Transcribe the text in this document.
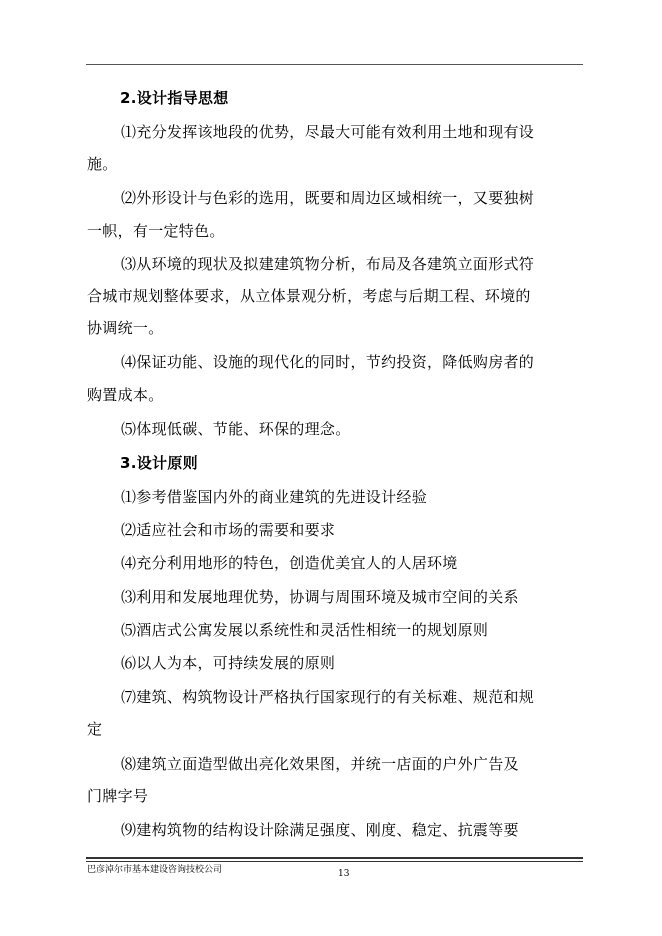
2.设计指导思想
⑴充分发挥该地段的优势，尽最大可能有效利用土地和现有设
施。
⑵外形设计与色彩的选用，既要和周边区域相统一，又要独树
一帜，有一定特色。
⑶从环境的现状及拟建建筑物分析，布局及各建筑立面形式符
合城市规划整体要求，从立体景观分析，考虑与后期工程、环境的
协调统一。
⑷保证功能、设施的现代化的同时，节约投资，降低购房者的
购置成本。
⑸体现低碳、节能、环保的理念。
3.设计原则
⑴参考借鉴国内外的商业建筑的先进设计经验
⑵适应社会和市场的需要和要求
⑷充分利用地形的特色，创造优美宜人的人居环境
⑶利用和发展地理优势，协调与周围环境及城市空间的关系
⑸酒店式公寓发展以系统性和灵活性相统一的规划原则
⑹以人为本，可持续发展的原则
⑺建筑、构筑物设计严格执行国家现行的有关标难、规范和规
定
⑻建筑立面造型做出亮化效果图，并统一店面的户外广告及
门牌字号
⑼建构筑物的结构设计除满足强度、刚度、稳定、抗震等要
巴彦淖尔市基本建设咨询技校公司	13
